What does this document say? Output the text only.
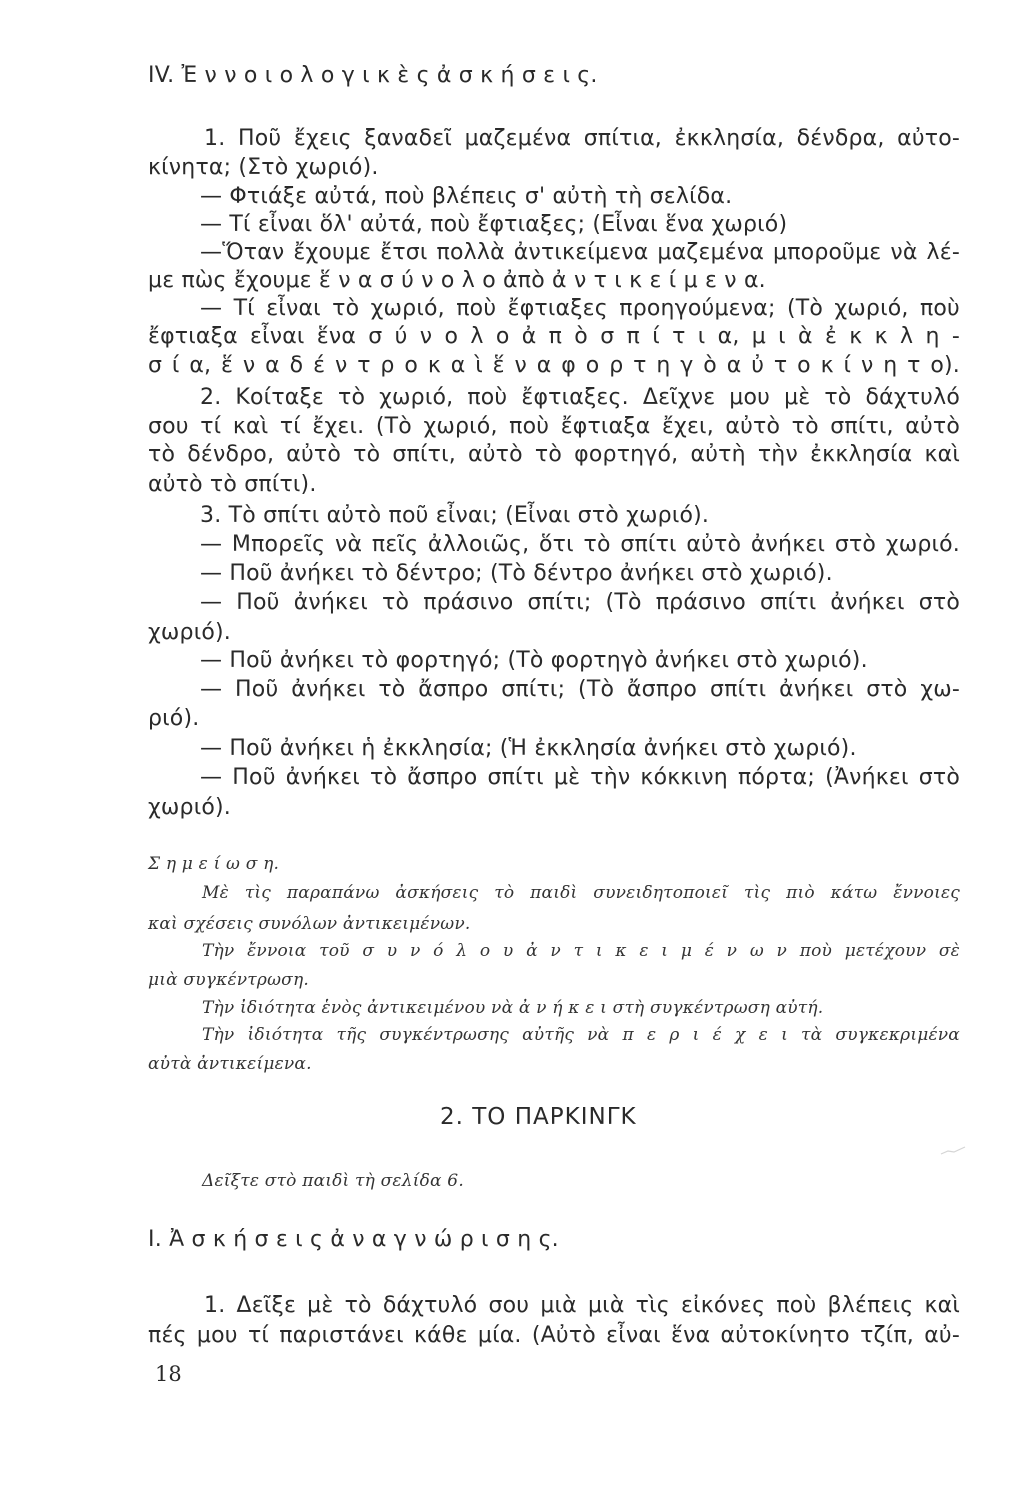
IV. Ἐ ν ν ο ι ο λ ο γ ι κ ὲ ς ἀ σ κ ή σ ε ι ς.
1. Ποῦ ἔχεις ξαναδεῖ μαζεμένα σπίτια, ἐκκλησία, δένδρα, αὐτο-
κίνητα; (Στὸ χωριό).
— Φτιάξε αὐτά, ποὺ βλέπεις σ' αὐτὴ τὴ σελίδα.
— Τί εἶναι ὅλ' αὐτά, ποὺ ἔφτιαξες; (Εἶναι ἕνα χωριό)
—Ὅταν ἔχουμε ἔτσι πολλὰ ἀντικείμενα μαζεμένα μποροῦμε νὰ λέ-
με πὼς ἔχουμε ἕ ν α σ ύ ν ο λ ο ἀπὸ ἀ ν τ ι κ ε ί μ ε ν α.
— Τί εἶναι τὸ χωριό, ποὺ ἔφτιαξες προηγούμενα; (Τὸ χωριό, ποὺ
ἔφτιαξα εἶναι ἕνα σ ύ ν ο λ ο ἀ π ὸ σ π ί τ ι α, μ ι ὰ ἐ κ κ λ η -
σ ί α, ἕ ν α δ έ ν τ ρ ο κ α ὶ ἕ ν α φ ο ρ τ η γ ὸ α ὐ τ ο κ ί ν η τ ο).
2. Κοίταξε τὸ χωριό, ποὺ ἔφτιαξες. Δεῖχνε μου μὲ τὸ δάχτυλό
σου τί καὶ τί ἔχει. (Τὸ χωριό, ποὺ ἔφτιαξα ἔχει, αὐτὸ τὸ σπίτι, αὐτὸ
τὸ δένδρο, αὐτὸ τὸ σπίτι, αὐτὸ τὸ φορτηγό, αὐτὴ τὴν ἐκκλησία καὶ
αὐτὸ τὸ σπίτι).
3. Τὸ σπίτι αὐτὸ ποῦ εἶναι; (Εἶναι στὸ χωριό).
— Μπορεῖς νὰ πεῖς ἀλλοιῶς, ὅτι τὸ σπίτι αὐτὸ ἀνήκει στὸ χωριό.
— Ποῦ ἀνήκει τὸ δέντρο; (Τὸ δέντρο ἀνήκει στὸ χωριό).
— Ποῦ ἀνήκει τὸ πράσινο σπίτι; (Τὸ πράσινο σπίτι ἀνήκει στὸ
χωριό).
— Ποῦ ἀνήκει τὸ φορτηγό; (Τὸ φορτηγὸ ἀνήκει στὸ χωριό).
— Ποῦ ἀνήκει τὸ ἄσπρο σπίτι; (Τὸ ἄσπρο σπίτι ἀνήκει στὸ χω-
ριό).
— Ποῦ ἀνήκει ἡ ἐκκλησία; (Ἡ ἐκκλησία ἀνήκει στὸ χωριό).
— Ποῦ ἀνήκει τὸ ἄσπρο σπίτι μὲ τὴν κόκκινη πόρτα; (Ἀνήκει στὸ
χωριό).
Σ η μ ε ί ω σ η.
Μὲ τὶς παραπάνω ἀσκήσεις τὸ παιδὶ συνειδητοποιεῖ τὶς πιὸ κάτω ἔννοιες
καὶ σχέσεις συνόλων ἀντικειμένων.
Τὴν ἔννοια τοῦ σ υ ν ό λ ο υ ἀ ν τ ι κ ε ι μ έ ν ω ν ποὺ μετέχουν σὲ
μιὰ συγκέντρωση.
Τὴν ἰδιότητα ἑνὸς ἀντικειμένου νὰ ἀ ν ή κ ε ι στὴ συγκέντρωση αὐτή.
Τὴν ἰδιότητα τῆς συγκέντρωσης αὐτῆς νὰ π ε ρ ι έ χ ε ι τὰ συγκεκριμένα
αὐτὰ ἀντικείμενα.
2. ΤΟ ΠΑΡΚΙΝΓΚ
Δεῖξτε στὸ παιδὶ τὴ σελίδα 6.
I. Ἀ σ κ ή σ ε ι ς ἀ ν α γ ν ώ ρ ι σ η ς.
1. Δεῖξε μὲ τὸ δάχτυλό σου μιὰ μιὰ τὶς εἰκόνες ποὺ βλέπεις καὶ
πές μου τί παριστάνει κάθε μία. (Αὐτὸ εἶναι ἕνα αὐτοκίνητο τζίπ, αὐ-
18
